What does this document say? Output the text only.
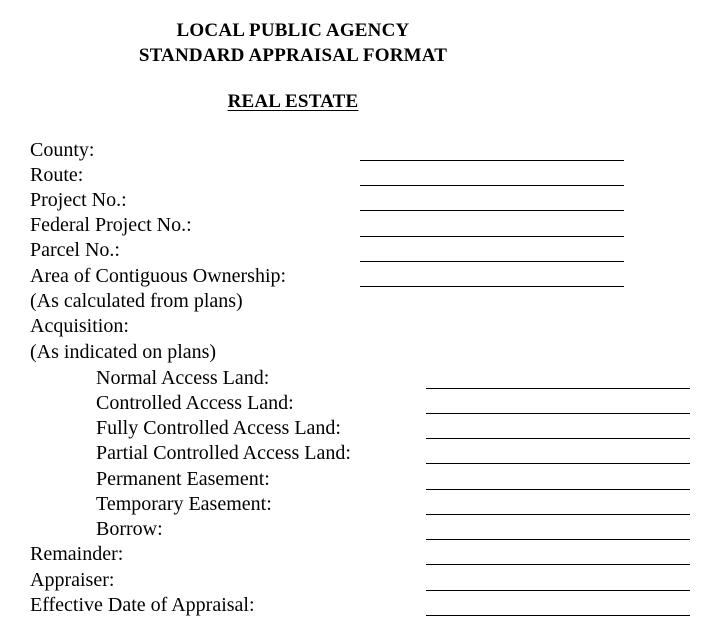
LOCAL PUBLIC AGENCY
STANDARD APPRAISAL FORMAT
REAL ESTATE
County:
Route:
Project No.:
Federal Project No.:
Parcel No.:
Area of Contiguous Ownership:
(As calculated from plans)
Acquisition:
(As indicated on plans)
Normal Access Land:
Controlled Access Land:
Fully Controlled Access Land:
Partial Controlled Access Land:
Permanent Easement:
Temporary Easement:
Borrow:
Remainder:
Appraiser:
Effective Date of Appraisal:
